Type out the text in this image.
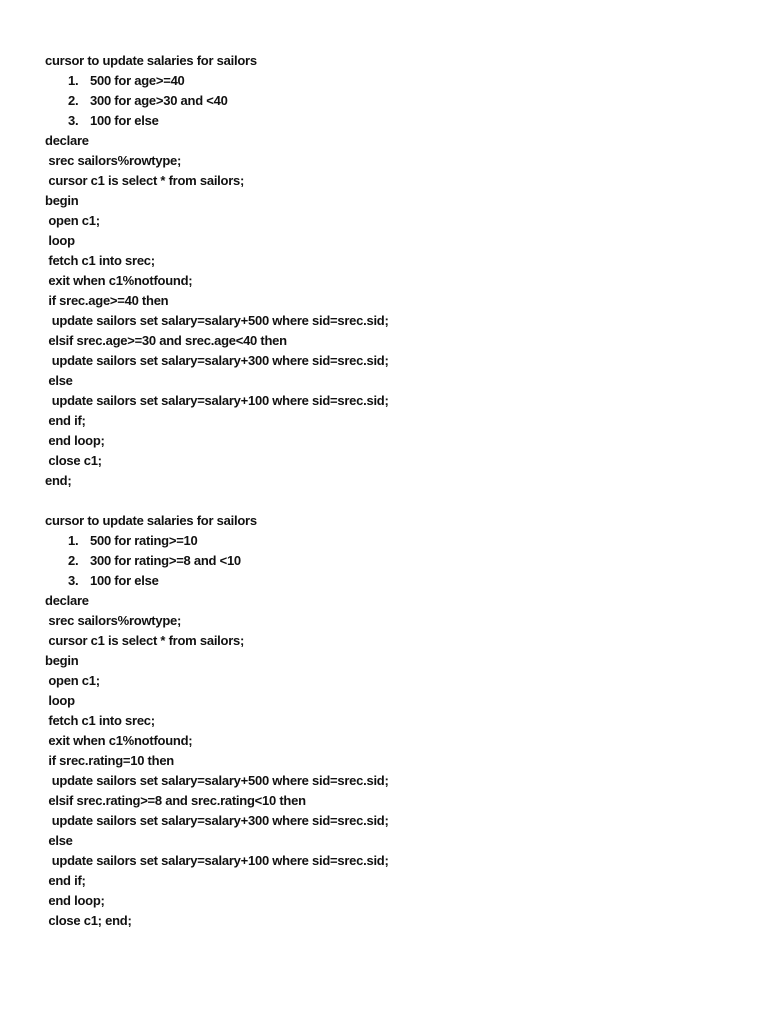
cursor to update salaries for sailors

1.

500 for age>=40

2.

300 for age>30 and <40

3.

100 for else

declare
srec sailors%rowtype;
cursor c1 is select * from sailors;
begin
open c1;
loop
fetch c1 into srec;
exit when c1%notfound;
if srec.age>=40 then
update sailors set salary=salary+500 where sid=srec.sid;
elsif srec.age>=30 and srec.age<40 then
update sailors set salary=salary+300 where sid=srec.sid;
else
update sailors set salary=salary+100 where sid=srec.sid;
end if;
end loop;
close c1;
end;
cursor to update salaries for sailors

1.

500 for rating>=10

2.

300 for rating>=8 and <10

3.

100 for else

declare
srec sailors%rowtype;
cursor c1 is select * from sailors;
begin
open c1;
loop
fetch c1 into srec;
exit when c1%notfound;
if srec.rating=10 then
update sailors set salary=salary+500 where sid=srec.sid;
elsif srec.rating>=8 and srec.rating<10 then
update sailors set salary=salary+300 where sid=srec.sid;
else
update sailors set salary=salary+100 where sid=srec.sid;
end if;
end loop;
close c1; end;
